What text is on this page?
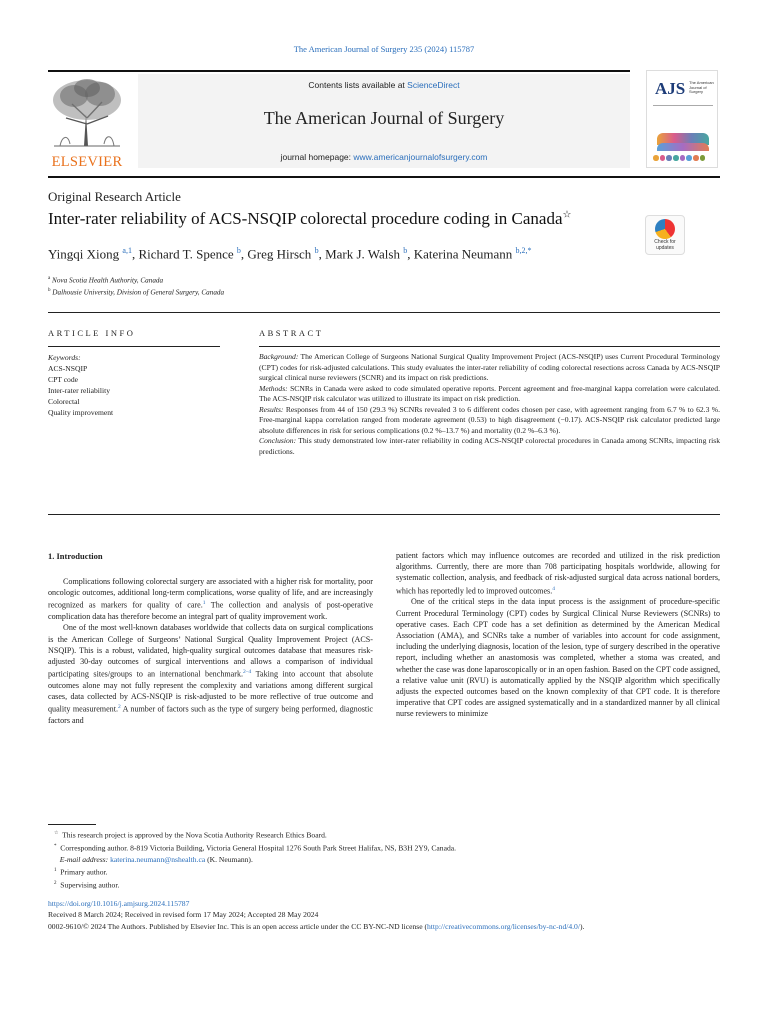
The American Journal of Surgery 235 (2024) 115787
ELSEVIER
Contents lists available at ScienceDirect
The American Journal of Surgery
journal homepage: www.americanjournalofsurgery.com
AJS The American Journal of Surgery
Original Research Article
Inter-rater reliability of ACS-NSQIP colorectal procedure coding in Canada☆
Check for updates
Yingqi Xiong $^{a,1}$, Richard T. Spence $^b$, Greg Hirsch $^b$, Mark J. Walsh $^b$, Katerina Neumann $^{b,2,*}$
$^a$ Nova Scotia Health Authority, Canada
$^b$ Dalhousie University, Division of General Surgery, Canada
ARTICLE INFO	ABSTRACT
Keywords:
ACS-NSQIP
CPT code
Inter-rater reliability
Colorectal
Quality improvement

Background: The American College of Surgeons National Surgical Quality Improvement Project (ACS-NSQIP) uses Current Procedural Terminology (CPT) codes for risk-adjusted calculations. This study evaluates the inter-rater reliability of coding colorectal resections across Canada by ACS-NSQIP surgical clinical nurse reviewers (SCNR) and its impact on risk predictions.

Methods: SCNRs in Canada were asked to code simulated operative reports. Percent agreement and free-marginal kappa correlation were calculated. The ACS-NSQIP risk calculator was utilized to illustrate its impact on risk prediction.

Results: Responses from 44 of 150 (29.3 %) SCNRs revealed 3 to 6 different codes chosen per case, with agreement ranging from 6.7 % to 62.3 %. Free-marginal kappa correlation ranged from moderate agreement (0.53) to high disagreement (−0.17). ACS-NSQIP risk calculator predicted large absolute differences in risk for serious complications (0.2 %–13.7 %) and mortality (0.2 %–6.3 %).

Conclusion: This study demonstrated low inter-rater reliability in coding ACS-NSQIP colorectal procedures in Canada among SCNRs, impacting risk predictions.

1. Introduction

Complications following colorectal surgery are associated with a higher risk for mortality, poor oncologic outcomes, additional long-term complications, worse quality of life, and are increasingly recognized as markers for quality of care.$^1$ The collection and analysis of post-operative complication data has therefore become an integral part of quality improvement work.

One of the most well-known databases worldwide that collects data on surgical complications is the American College of Surgeons’ National Surgical Quality Improvement Project (ACS-NSQIP). This is a robust, validated, high-quality surgical outcomes database that measures risk-adjusted 30-day outcomes of surgical interventions and allows a comparison of individual participating sites/groups to an international benchmark.$^{2-4}$ Taking into account that absolute outcomes alone may not fully represent the complexity and variations among different surgical cases, data collected by ACS-NSQIP is risk-adjusted to be more reflective of true outcome and quality measurement.$^2$ A number of factors such as the type of surgery being performed, diagnostic factors and

patient factors which may influence outcomes are recorded and utilized in the risk prediction algorithms. Currently, there are more than 708 participating hospitals worldwide, allowing for systematic collection, analysis, and feedback of risk-adjusted surgical data across national borders, which has reportedly led to improved outcomes.$^4$

One of the critical steps in the data input process is the assignment of procedure-specific Current Procedural Terminology (CPT) codes by Surgical Clinical Nurse Reviewers (SCNRs) to operative cases. Each CPT code has a set definition as determined by the American Medical Association (AMA), and SCNRs take a number of variables into account for code assignment, including the underlying diagnosis, location of the lesion, type of surgery described in the operative report, including whether an anastomosis was completed, whether a stoma was created, and whether the case was done laparoscopically or in an open fashion. Based on the CPT code assigned, a relative value unit (RVU) is automatically applied by the NSQIP algorithm which specifically adjusts the expected outcomes based on the known complexity of that CPT code. It is therefore imperative that CPT codes are assigned systematically and in a standardized manner by all clinical nurse reviewers to minimize

☆ This research project is approved by the Nova Scotia Authority Research Ethics Board.
* Corresponding author. 8-819 Victoria Building, Victoria General Hospital 1276 South Park Street Halifax, NS, B3H 2Y9, Canada.
E-mail address: katerina.neumann@nshealth.ca (K. Neumann).
$^1$ Primary author.
$^2$ Supervising author.
https://doi.org/10.1016/j.amjsurg.2024.115787
Received 8 March 2024; Received in revised form 17 May 2024; Accepted 28 May 2024
0002-9610/© 2024 The Authors. Published by Elsevier Inc. This is an open access article under the CC BY-NC-ND license (http://creativecommons.org/licenses/by-nc-nd/4.0/).
